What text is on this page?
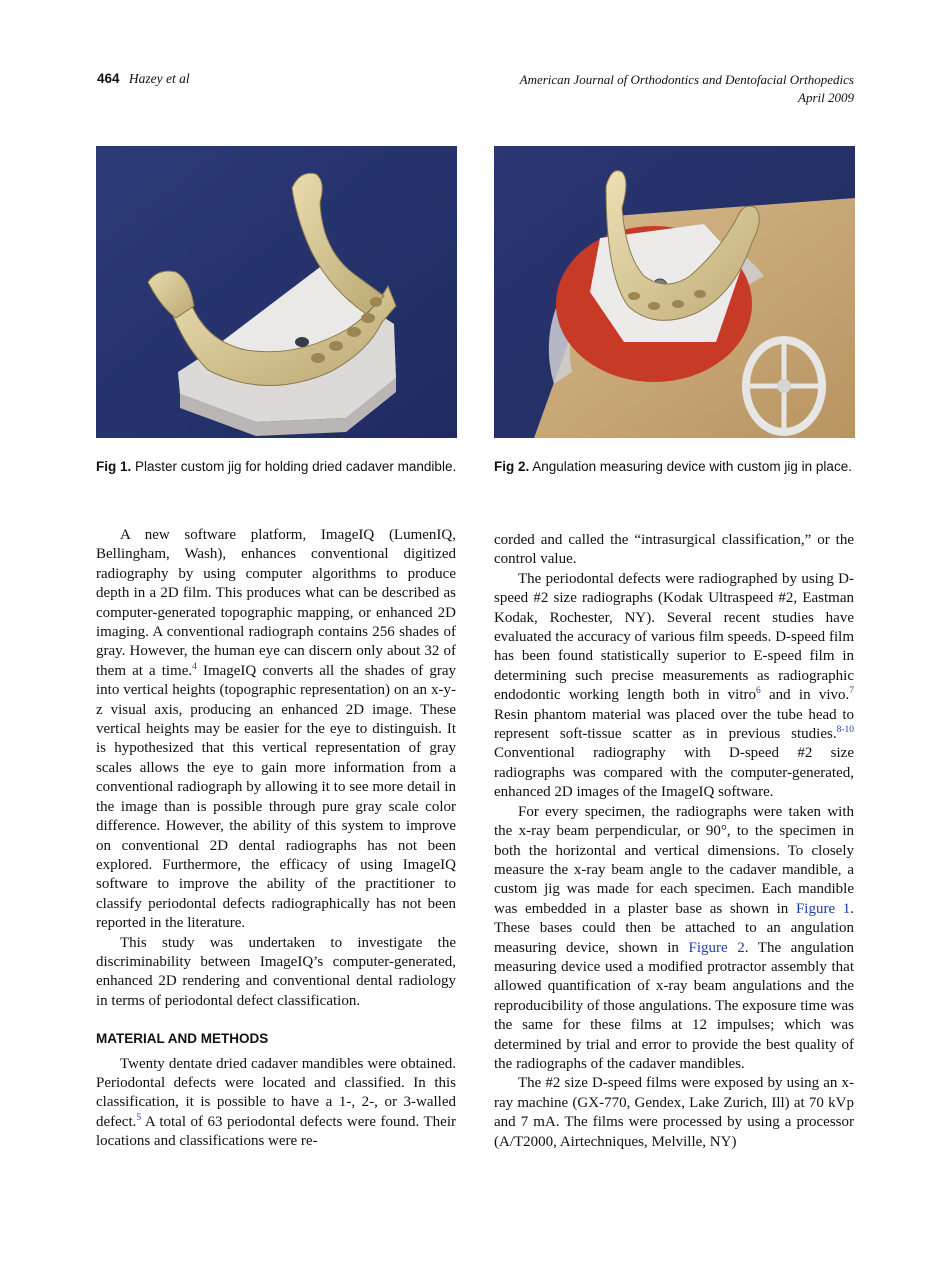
464 Hazey et al	American Journal of Orthodontics and Dentofacial Orthopedics
April 2009
Fig 1. Plaster custom jig for holding dried cadaver mandible.	Fig 2. Angulation measuring device with custom jig in place.

A new software platform, ImageIQ (LumenIQ, Bellingham, Wash), enhances conventional digitized radiography by using computer algorithms to produce depth in a 2D film. This produces what can be described as computer-generated topographic mapping, or enhanced 2D imaging. A conventional radiograph contains 256 shades of gray. However, the human eye can discern only about 32 of them at a time.$^4$ ImageIQ converts all the shades of gray into vertical heights (topographic representation) on an x-y-z visual axis, producing an enhanced 2D image. These vertical heights may be easier for the eye to distinguish. It is hypothesized that this vertical representation of gray scales allows the eye to gain more information from a conventional radiograph by allowing it to see more detail in the image than is possible through pure gray scale color difference. However, the ability of this system to improve on conventional 2D dental radiographs has not been explored. Furthermore, the efficacy of using ImageIQ software to improve the ability of the practitioner to classify periodontal defects radiographically has not been reported in the literature.

This study was undertaken to investigate the discriminability between ImageIQ’s computer-generated, enhanced 2D rendering and conventional dental radiology in terms of periodontal defect classification.

MATERIAL AND METHODS

Twenty dentate dried cadaver mandibles were obtained. Periodontal defects were located and classified. In this classification, it is possible to have a 1-, 2-, or 3-walled defect.$^5$ A total of 63 periodontal defects were found. Their locations and classifications were re-

corded and called the “intrasurgical classification,” or the control value.

The periodontal defects were radiographed by using D-speed #2 size radiographs (Kodak Ultraspeed #2, Eastman Kodak, Rochester, NY). Several recent studies have evaluated the accuracy of various film speeds. D-speed film has been found statistically superior to E-speed film in determining such precise measurements as radiographic endodontic working length both in vitro$^6$ and in vivo.$^7$ Resin phantom material was placed over the tube head to represent soft-tissue scatter as in previous studies.$^{8-10}$ Conventional radiography with D-speed #2 size radiographs was compared with the computer-generated, enhanced 2D images of the ImageIQ software.

For every specimen, the radiographs were taken with the x-ray beam perpendicular, or 90°, to the specimen in both the horizontal and vertical dimensions. To closely measure the x-ray beam angle to the cadaver mandible, a custom jig was made for each specimen. Each mandible was embedded in a plaster base as shown in Figure 1. These bases could then be attached to an angulation measuring device, shown in Figure 2. The angulation measuring device used a modified protractor assembly that allowed quantification of x-ray beam angulations and the reproducibility of those angulations. The exposure time was the same for these films at 12 impulses; which was determined by trial and error to provide the best quality of the radiographs of the cadaver mandibles.

The #2 size D-speed films were exposed by using an x-ray machine (GX-770, Gendex, Lake Zurich, Ill) at 70 kVp and 7 mA. The films were processed by using a processor (A/T2000, Airtechniques, Melville, NY)
